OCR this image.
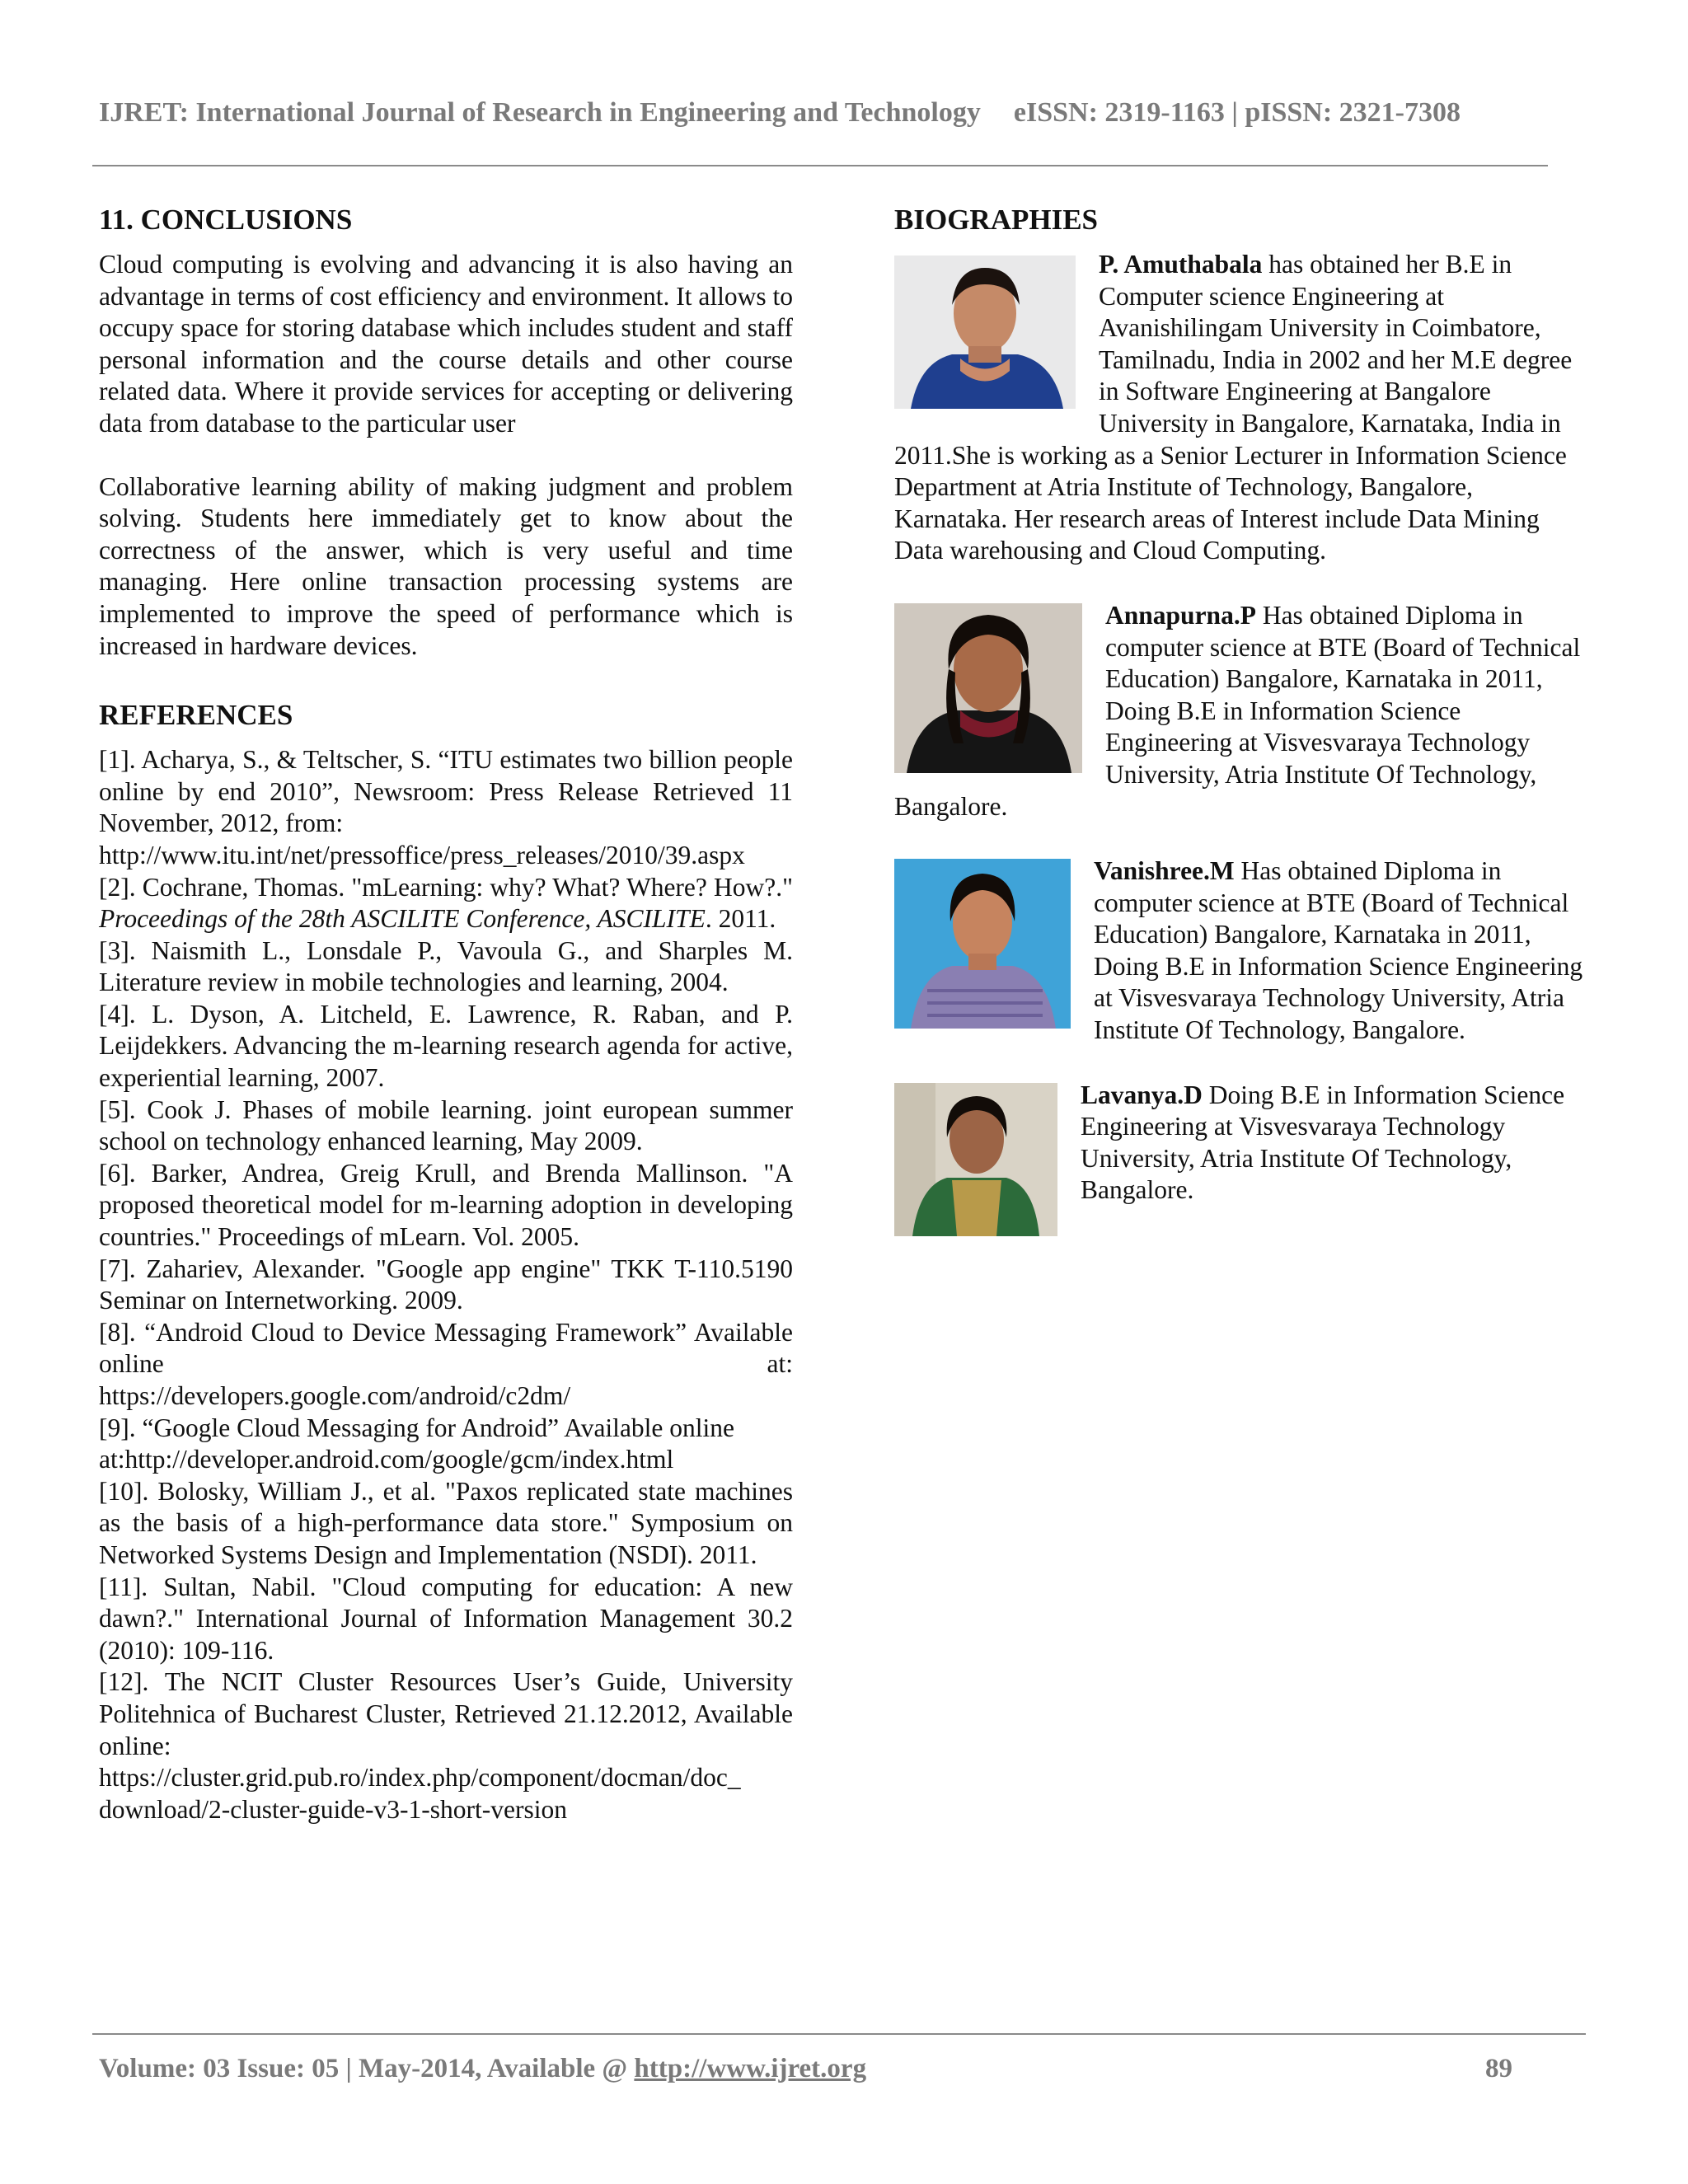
IJRET: International Journal of Research in Engineering and Technology eISSN: 2319-1163 | pISSN: 2321-7308
11. CONCLUSIONS

Cloud computing is evolving and advancing it is also having an advantage in terms of cost efficiency and environment. It allows to occupy space for storing database which includes student and staff personal information and the course details and other course related data. Where it provide services for accepting or delivering data from database to the particular user

Collaborative learning ability of making judgment and problem solving. Students here immediately get to know about the correctness of the answer, which is very useful and time managing. Here online transaction processing systems are implemented to improve the speed of performance which is increased in hardware devices.

REFERENCES

[1]. Acharya, S., & Teltscher, S. “ITU estimates two billion people online by end 2010”, Newsroom: Press Release Retrieved 11 November, 2012, from:

http://www.itu.int/net/pressoffice/press_releases/2010/39.aspx

[2]. Cochrane, Thomas. "mLearning: why? What? Where? How?." Proceedings of the 28th ASCILITE Conference, ASCILITE. 2011.

[3]. Naismith L., Lonsdale P., Vavoula G., and Sharples M. Literature review in mobile technologies and learning, 2004.

[4]. L. Dyson, A. Litcheld, E. Lawrence, R. Raban, and P. Leijdekkers. Advancing the m-learning research agenda for active, experiential learning, 2007.

[5]. Cook J. Phases of mobile learning. joint european summer school on technology enhanced learning, May 2009.

[6]. Barker, Andrea, Greig Krull, and Brenda Mallinson. "A proposed theoretical model for m-learning adoption in developing countries." Proceedings of mLearn. Vol. 2005.

[7]. Zahariev, Alexander. "Google app engine" TKK T-110.5190 Seminar on Internetworking. 2009.

[8]. “Android Cloud to Device Messaging Framework” Available online at:

https://developers.google.com/android/c2dm/

[9]. “Google Cloud Messaging for Android” Available online

at:http://developer.android.com/google/gcm/index.html

[10]. Bolosky, William J., et al. "Paxos replicated state machines as the basis of a high-performance data store." Symposium on Networked Systems Design and Implementation (NSDI). 2011.

[11]. Sultan, Nabil. "Cloud computing for education: A new dawn?." International Journal of Information Management 30.2 (2010): 109-116.

[12]. The NCIT Cluster Resources User’s Guide, University Politehnica of Bucharest Cluster, Retrieved 21.12.2012, Available online:

https://cluster.grid.pub.ro/index.php/component/docman/doc_

download/2-cluster-guide-v3-1-short-version

BIOGRAPHIES
P. Amuthabala has obtained her B.E in Computer science Engineering at Avanishilingam University in Coimbatore, Tamilnadu, India in 2002 and her M.E degree in Software Engineering at Bangalore University in Bangalore, Karnataka, India in 2011.She is working as a Senior Lecturer in Information Science Department at Atria Institute of Technology, Bangalore, Karnataka. Her research areas of Interest include Data Mining Data warehousing and Cloud Computing.
Annapurna.P Has obtained Diploma in computer science at BTE (Board of Technical Education) Bangalore, Karnataka in 2011, Doing B.E in Information Science Engineering at Visvesvaraya Technology University, Atria Institute Of Technology, Bangalore.
Vanishree.M Has obtained Diploma in computer science at BTE (Board of Technical Education) Bangalore, Karnataka in 2011, Doing B.E in Information Science Engineering at Visvesvaraya Technology University, Atria Institute Of Technology, Bangalore.
Lavanya.D Doing B.E in Information Science Engineering at Visvesvaraya Technology University, Atria Institute Of Technology, Bangalore.
Volume: 03 Issue: 05 | May-2014, Available @ http://www.ijret.org	89
